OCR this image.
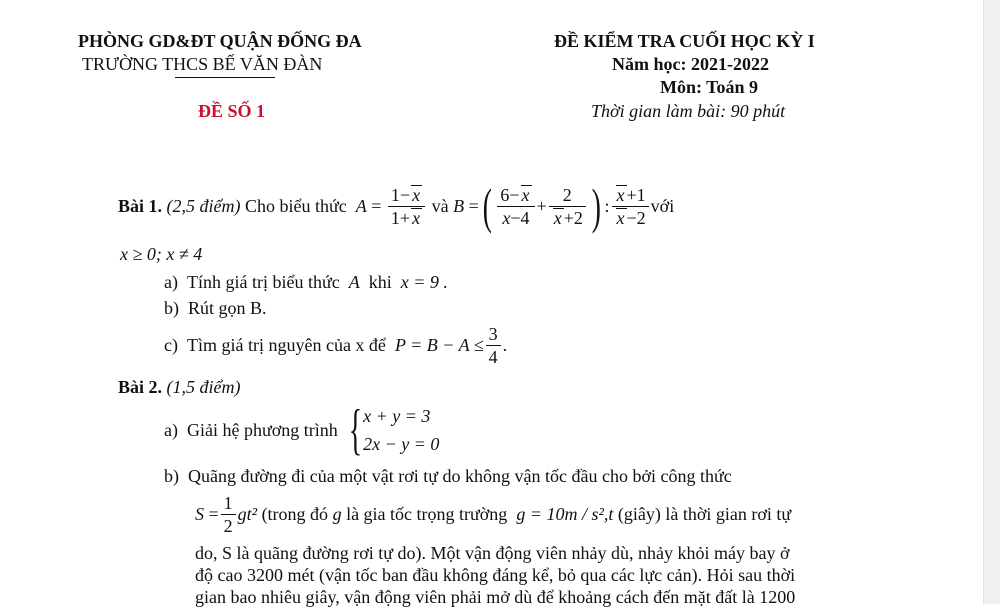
PHÒNG GD&ĐT QUẬN ĐỐNG ĐA
TRƯỜNG THCS BẾ VĂN ĐÀN
ĐỀ SỐ 1
ĐỀ KIỂM TRA CUỐI HỌC KỲ I
Năm học: 2021-2022
Môn: Toán 9
Thời gian làm bài: 90 phút
Bài 1.
(2,5 điểm)
Cho biểu thức
$A = \frac{1- x}{1+ x}$
và
B = ( $\frac{6- x}{x-4} + \frac{2}{x +2}$ ) : $\frac{x +1}{x -2}$ với
x ≥ 0; x ≠ 4
a) Tính giá trị biểu thức A khi x = 9 .
b) Rút gọn B.
c)
Tìm giá trị nguyên của x để
$P = B - A \le \frac{3}{4}$ .
Bài 2. (1,5 điểm)
a)
Giải hệ phương trình
{ x + y = 3
2x − y = 0
b) Quãng đường đi của một vật rơi tự do không vận tốc đầu cho bởi công thức
$S = \frac{1}{2} gt^2$
(trong đó
g
là gia tốc trọng trường
g = 10m / s², t
(giây) là thời gian rơi tự
do, S là quãng đường rơi tự do). Một vận động viên nhảy dù, nhảy khỏi máy bay ở
độ cao 3200 mét (vận tốc ban đầu không đáng kể, bỏ qua các lực cản). Hỏi sau thời
gian bao nhiêu giây, vận động viên phải mở dù để khoảng cách đến mặt đất là 1200
